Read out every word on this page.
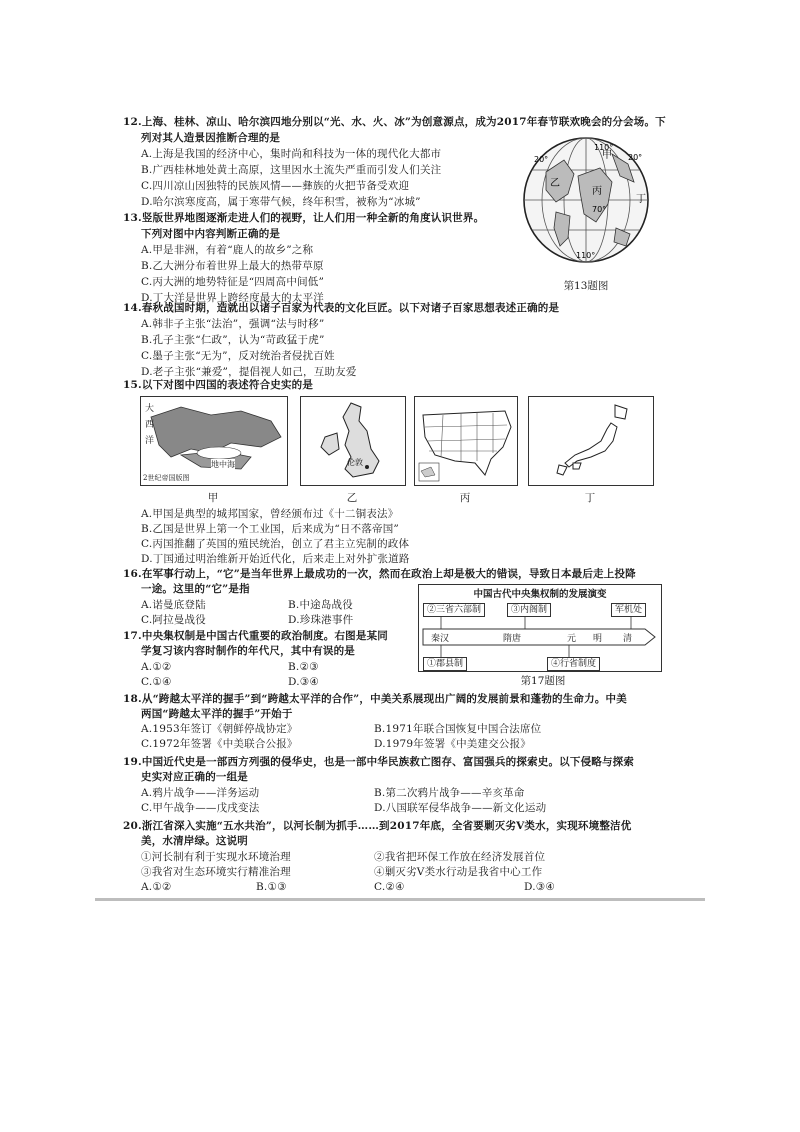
12.上海、桂林、凉山、哈尔滨四地分别以“光、水、火、冰”为创意源点，成为2017年春节联欢晚会的分会场。下
列对其人造景因推断合理的是
A.上海是我国的经济中心，集时尚和科技为一体的现代化大都市
B.广西桂林地处黄土高原，这里因水土流失严重而引发人们关注
C.四川凉山因独特的民族风情——彝族的火把节备受欢迎
D.哈尔滨寒度高，属于寒带气候，终年积雪，被称为“冰城”
13.竖版世界地图逐渐走进人们的视野，让人们用一种全新的角度认识世界。
下列对图中内容判断正确的是
A.甲是非洲，有着“鹿人的故乡”之称
B.乙大洲分布着世界上最大的热带草原
C.丙大洲的地势特征是“四周高中间低”
D.丁大洋是世界上跨经度最大的太平洋
110°
20°	20°
70°
110°
甲
乙
丙
丁
第13题图
14.春秋战国时期，造就出以诸子百家为代表的文化巨匠。以下对诸子百家思想表述正确的是
A.韩非子主张“法治”，强调“法与时移”
B.孔子主张“仁政”，认为“苛政猛于虎”
C.墨子主张“无为”，反对统治者侵扰百姓
D.老子主张“兼爱”，提倡视人如己，互助友爱
15.以下对图中四国的表述符合史实的是
大西洋
地中海
2世纪帝国版图
伦敦
甲	乙	丙	丁
A.甲国是典型的城邦国家，曾经颁布过《十二铜表法》
B.乙国是世界上第一个工业国，后来成为“日不落帝国”
C.丙国推翻了英国的殖民统治，创立了君主立宪制的政体
D.丁国通过明治维新开始近代化，后来走上对外扩张道路
16.在军事行动上，“它”是当年世界上最成功的一次，然而在政治上却是极大的错误，导致日本最后走上投降
一途。这里的“它”是指
A.诺曼底登陆	B.中途岛战役
C.阿拉曼战役	D.珍珠港事件
17.中央集权制是中国古代重要的政治制度。右图是某同
学复习该内容时制作的年代尺，其中有误的是
A.①②	B.②③
C.①④	D.③④
中国古代中央集权制的发展演变
②三省六部制	③内阁制	军机处
秦汉	隋唐	元 明 清
①郡县制	④行省制度
第17题图
18.从“跨越太平洋的握手”到“跨越太平洋的合作”，中美关系展现出广阔的发展前景和蓬勃的生命力。中美
两国“跨越太平洋的握手”开始于
A.1953年签订《朝鲜停战协定》	B.1971年联合国恢复中国合法席位
C.1972年签署《中美联合公报》	D.1979年签署《中美建交公报》
19.中国近代史是一部西方列强的侵华史，也是一部中华民族救亡图存、富国强兵的探索史。以下侵略与探索
史实对应正确的一组是
A.鸦片战争——洋务运动	B.第二次鸦片战争——辛亥革命
C.甲午战争——戊戌变法	D.八国联军侵华战争——新文化运动
20.浙江省深入实施“五水共治”，以河长制为抓手……到2017年底，全省要剿灭劣Ⅴ类水，实现环境整洁优
美，水清岸绿。这说明
①河长制有利于实现水环境治理	②我省把环保工作放在经济发展首位
③我省对生态环境实行精准治理	④剿灭劣Ⅴ类水行动是我省中心工作
A.①②	B.①③	C.②④	D.③④
